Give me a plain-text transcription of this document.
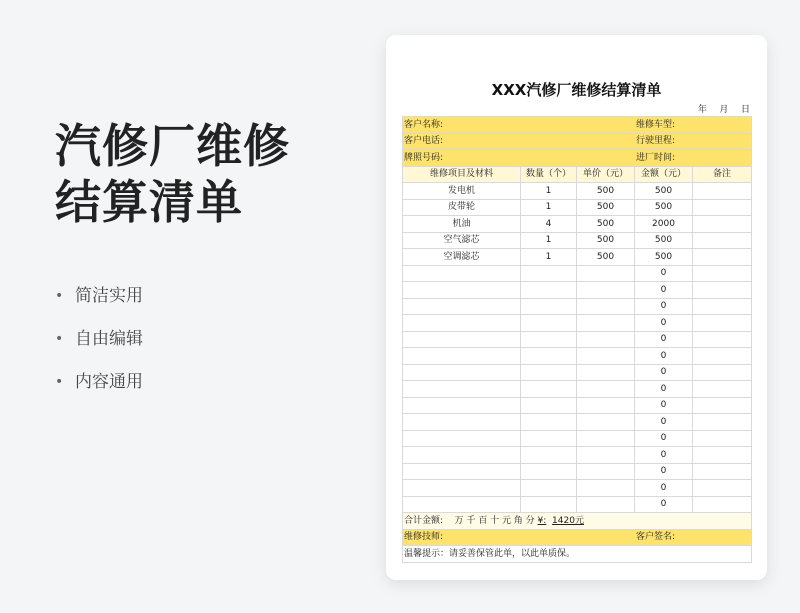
汽修厂维修
结算清单
• 简洁实用
• 自由编辑
• 内容通用
XXX汽修厂维修结算清单
年   月   日
客户名称:			维修车型:	
客户电话:			行驶里程:	
牌照号码:			进厂时间:	
维修项目及材料	数量（个）	单价（元）	金额（元）	备注
发电机	1	500	500	
皮带轮	1	500	500	
机油	4	500	2000	
空气滤芯	1	500	500	
空调滤芯	1	500	500	
			0	
			0	
			0	
			0	
			0	
			0	
			0	
			0	
			0	
			0	
			0	
			0	
			0	
			0	
			0	
合计金额: 万 千 百 十 元 角 分 ¥: 1420元				
维修技师:			客户签名:	
温馨提示：请妥善保管此单，以此单质保。				
